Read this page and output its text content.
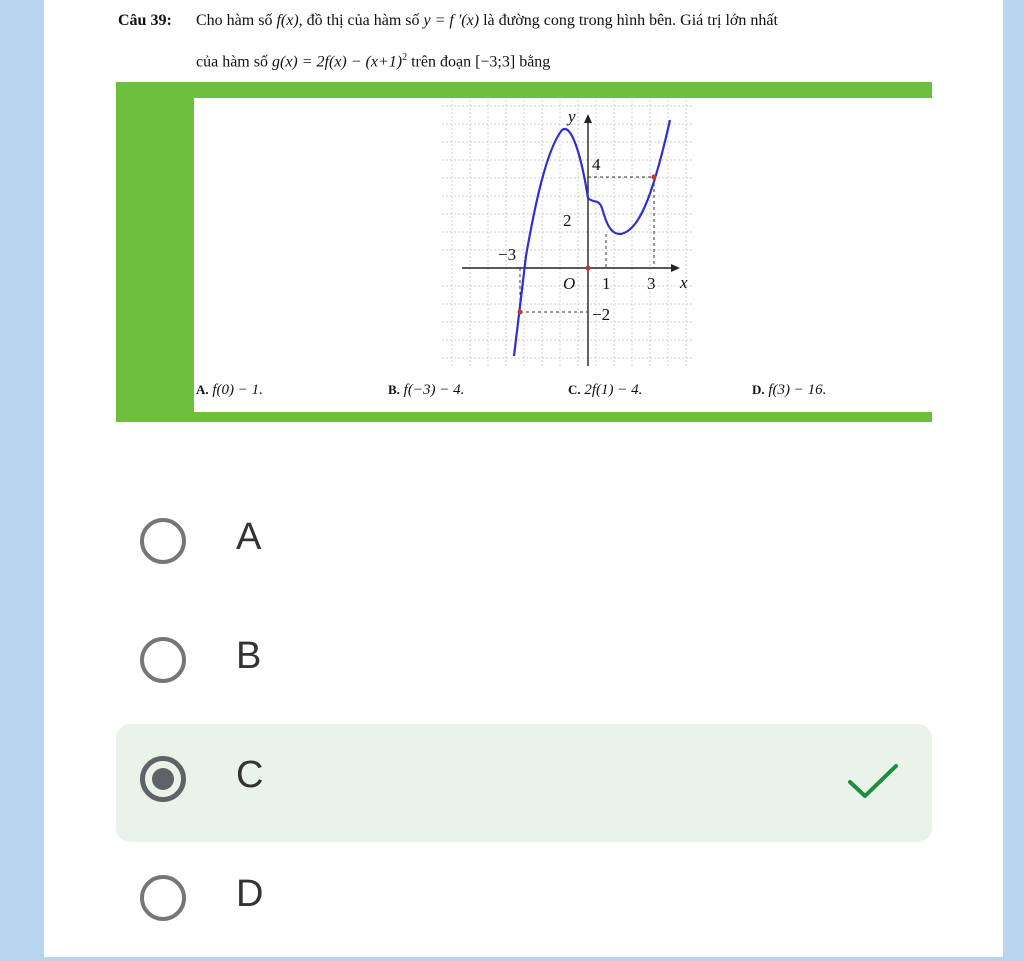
Câu 39: Cho hàm số f(x), đồ thị của hàm số y = f '(x) là đường cong trong hình bên. Giá trị lớn nhất
của hàm số $g(x) = 2f(x) - (x+1)^2$ trên đoạn [−3;3] bằng
y
x
O
4
2
−3
1 3
−2
A. f(0) − 1.	B. f(−3) − 4.	C. 2f(1) − 4.	D. f(3) − 16.
A
B
C
D
